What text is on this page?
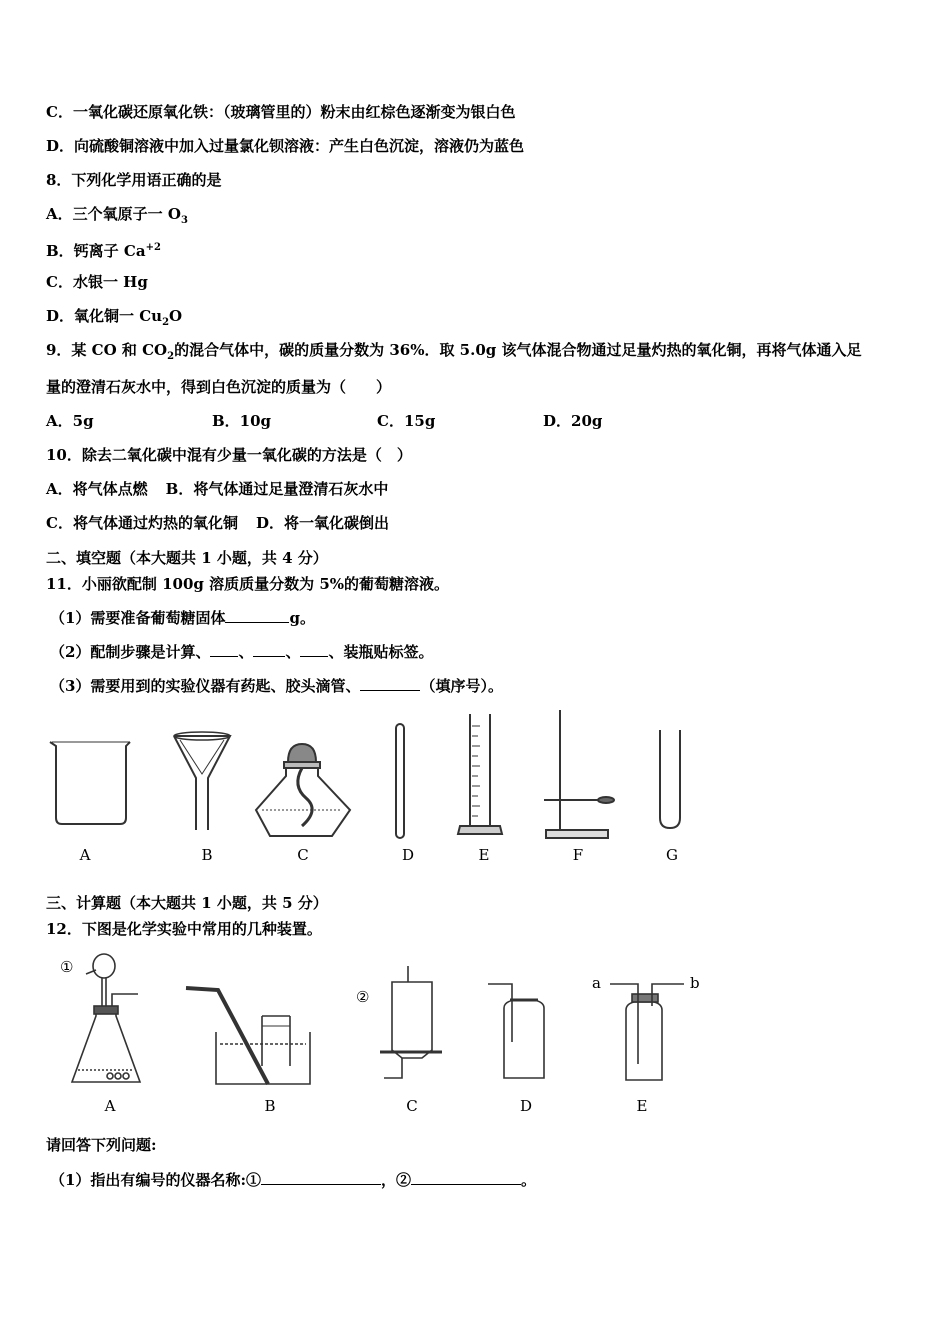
C．一氧化碳还原氧化铁：（玻璃管里的）粉末由红棕色逐渐变为银白色
D．向硫酸铜溶液中加入过量氯化钡溶液：产生白色沉淀，溶液仍为蓝色
8．下列化学用语正确的是
A．三个氧原子一 $O_3$
B．钙离子 $Ca^{+2}$
C．水银一 Hg
D．氧化铜一 $Cu_2O$
9．某 CO 和 $CO_2$的混合气体中，碳的质量分数为 36%．取 5.0g 该气体混合物通过足量灼热的氧化铜，再将气体通入足
量的澄清石灰水中，得到白色沉淀的质量为（　　）
A．5g	B．10g	C．15g	D．20g
10．除去二氧化碳中混有少量一氧化碳的方法是（　）
A．将气体点燃 B．将气体通过足量澄清石灰水中
C．将气体通过灼热的氧化铜 D．将一氧化碳倒出
二、填空题（本大题共 1 小题，共 4 分）
11．小丽欲配制 100g 溶质质量分数为 5%的葡萄糖溶液。
（1）需要准备葡萄糖固体	g。
（2）配制步骤是计算、 、 、 、装瓶贴标签。
（3）需要用到的实验仪器有药匙、胶头滴管、	（填序号）。
A	B	C	D	E	F	G
三、计算题（本大题共 1 小题，共 5 分）
12．下图是化学实验中常用的几种装置。
①
②
a	b
A	B	C	D	E
请回答下列问题:
（1）指出有编号的仪器名称:①	，②	。
